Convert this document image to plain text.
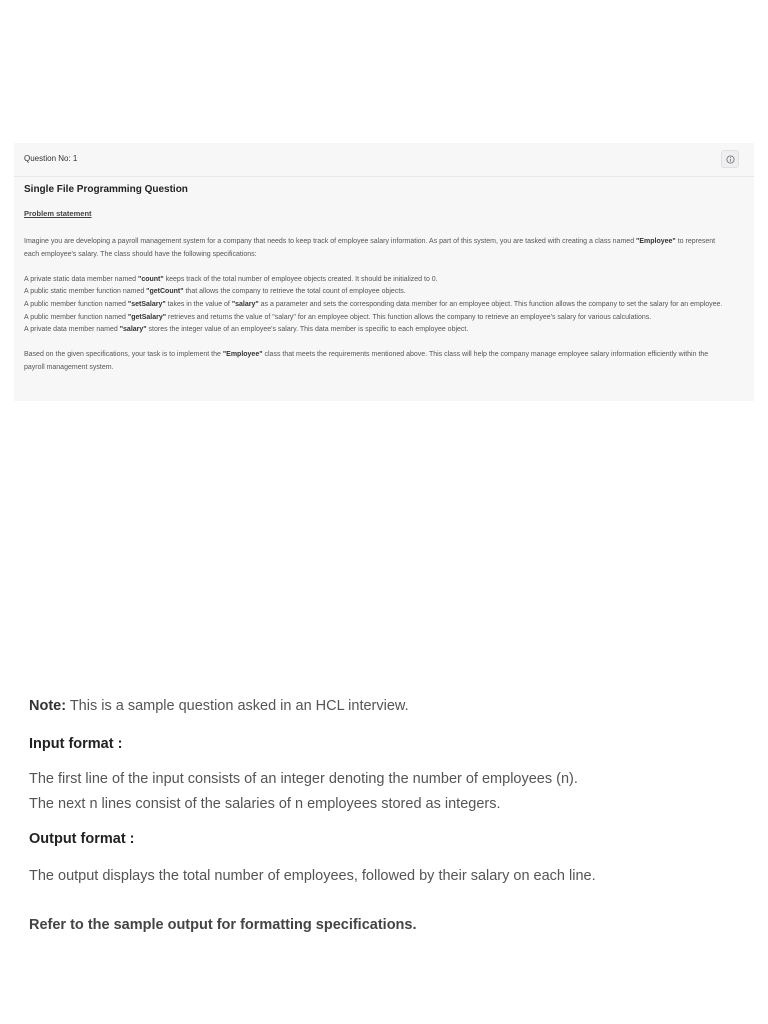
Question No: 1
Single File Programming Question
Problem statement

Imagine you are developing a payroll management system for a company that needs to keep track of employee salary information. As part of this system, you are tasked with creating a class named "Employee" to represent each employee's salary. The class should have the following specifications:

A private static data member named "count" keeps track of the total number of employee objects created. It should be initialized to 0.

A public static member function named "getCount" that allows the company to retrieve the total count of employee objects.

A public member function named "setSalary" takes in the value of "salary" as a parameter and sets the corresponding data member for an employee object. This function allows the company to set the salary for an employee.

A public member function named "getSalary" retrieves and returns the value of "salary" for an employee object. This function allows the company to retrieve an employee's salary for various calculations.

A private data member named "salary" stores the integer value of an employee's salary. This data member is specific to each employee object.

Based on the given specifications, your task is to implement the "Employee" class that meets the requirements mentioned above. This class will help the company manage employee salary information efficiently within the payroll management system.

Note: This is a sample question asked in an HCL interview.
Input format :
The first line of the input consists of an integer denoting the number of employees (n).
The next n lines consist of the salaries of n employees stored as integers.
Output format :
The output displays the total number of employees, followed by their salary on each line.
Refer to the sample output for formatting specifications.
